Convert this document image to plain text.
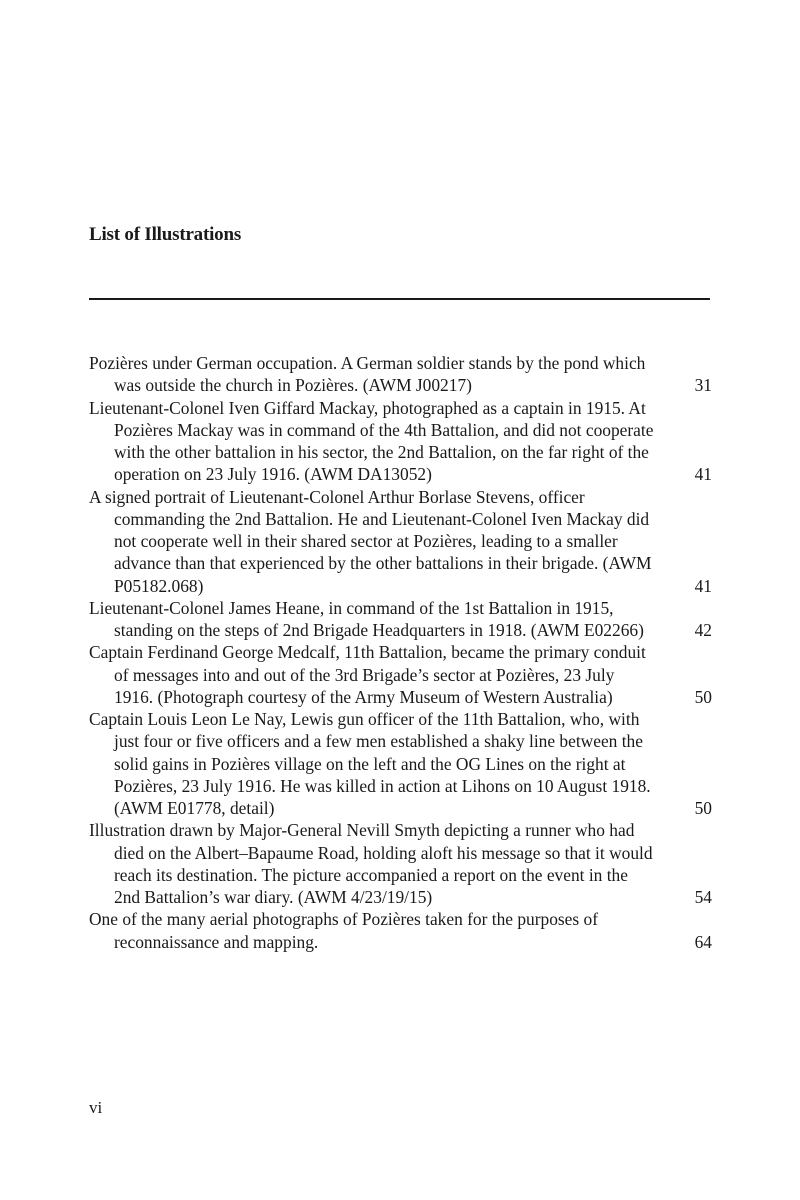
List of Illustrations
Pozières under German occupation. A German soldier stands by the pond which was outside the church in Pozières. (AWM J00217)	31
Lieutenant-Colonel Iven Giffard Mackay, photographed as a captain in 1915. At Pozières Mackay was in command of the 4th Battalion, and did not cooperate with the other battalion in his sector, the 2nd Battalion, on the far right of the operation on 23 July 1916. (AWM DA13052)	41
A signed portrait of Lieutenant-Colonel Arthur Borlase Stevens, officer commanding the 2nd Battalion. He and Lieutenant-Colonel Iven Mackay did not cooperate well in their shared sector at Pozières, leading to a smaller advance than that experienced by the other battalions in their brigade. (AWM P05182.068)	41
Lieutenant-Colonel James Heane, in command of the 1st Battalion in 1915, standing on the steps of 2nd Brigade Headquarters in 1918. (AWM E02266)	42
Captain Ferdinand George Medcalf, 11th Battalion, became the primary conduit of messages into and out of the 3rd Brigade’s sector at Pozières, 23 July 1916. (Photograph courtesy of the Army Museum of Western Australia)	50
Captain Louis Leon Le Nay, Lewis gun officer of the 11th Battalion, who, with just four or five officers and a few men established a shaky line between the solid gains in Pozières village on the left and the OG Lines on the right at Pozières, 23 July 1916. He was killed in action at Lihons on 10 August 1918. (AWM E01778, detail)	50
Illustration drawn by Major-General Nevill Smyth depicting a runner who had died on the Albert–Bapaume Road, holding aloft his message so that it would reach its destination. The picture accompanied a report on the event in the 2nd Battalion’s war diary. (AWM 4/23/19/15)	54
One of the many aerial photographs of Pozières taken for the purposes of reconnaissance and mapping.	64
vi
